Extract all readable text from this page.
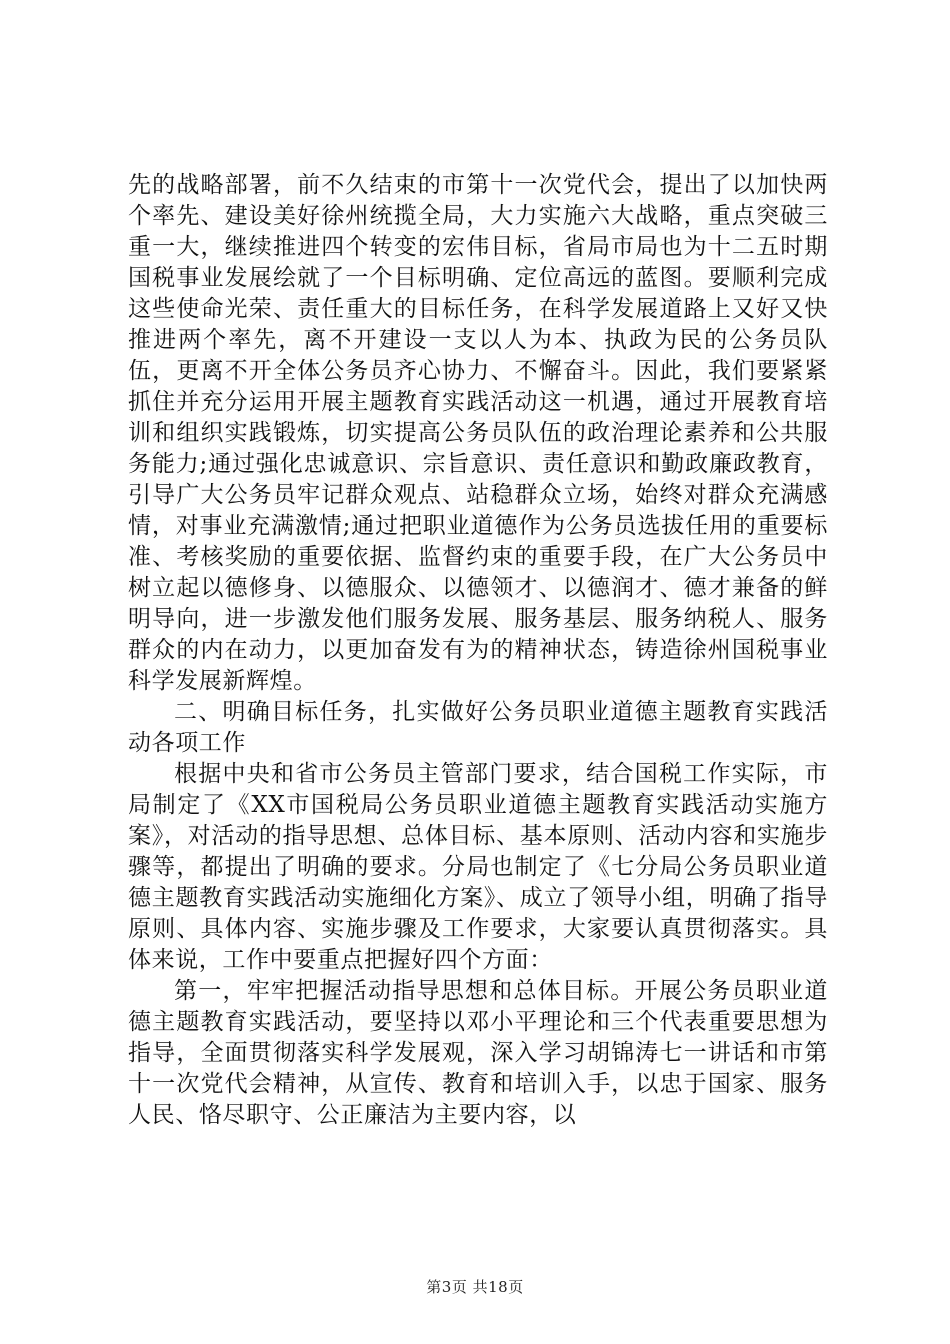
先的战略部署，前不久结束的市第十一次党代会，提出了以加快两个率先、建设美好徐州统揽全局，大力实施六大战略，重点突破三重一大，继续推进四个转变的宏伟目标，省局市局也为十二五时期国税事业发展绘就了一个目标明确、定位高远的蓝图。要顺利完成这些使命光荣、责任重大的目标任务，在科学发展道路上又好又快推进两个率先，离不开建设一支以人为本、执政为民的公务员队伍，更离不开全体公务员齐心协力、不懈奋斗。因此，我们要紧紧抓住并充分运用开展主题教育实践活动这一机遇，通过开展教育培训和组织实践锻炼，切实提高公务员队伍的政治理论素养和公共服务能力;通过强化忠诚意识、宗旨意识、责任意识和勤政廉政教育，引导广大公务员牢记群众观点、站稳群众立场，始终对群众充满感情，对事业充满激情;通过把职业道德作为公务员选拔任用的重要标准、考核奖励的重要依据、监督约束的重要手段，在广大公务员中树立起以德修身、以德服众、以德领才、以德润才、德才兼备的鲜明导向，进一步激发他们服务发展、服务基层、服务纳税人、服务群众的内在动力，以更加奋发有为的精神状态，铸造徐州国税事业科学发展新辉煌。

二、明确目标任务，扎实做好公务员职业道德主题教育实践活动各项工作

根据中央和省市公务员主管部门要求，结合国税工作实际，市局制定了《XX市国税局公务员职业道德主题教育实践活动实施方案》，对活动的指导思想、总体目标、基本原则、活动内容和实施步骤等，都提出了明确的要求。分局也制定了《七分局公务员职业道德主题教育实践活动实施细化方案》、成立了领导小组，明确了指导原则、具体内容、实施步骤及工作要求，大家要认真贯彻落实。具体来说，工作中要重点把握好四个方面：

第一，牢牢把握活动指导思想和总体目标。开展公务员职业道德主题教育实践活动，要坚持以邓小平理论和三个代表重要思想为指导，全面贯彻落实科学发展观，深入学习胡锦涛七一讲话和市第十一次党代会精神，从宣传、教育和培训入手，以忠于国家、服务人民、恪尽职守、公正廉洁为主要内容，以

第3页 共18页
